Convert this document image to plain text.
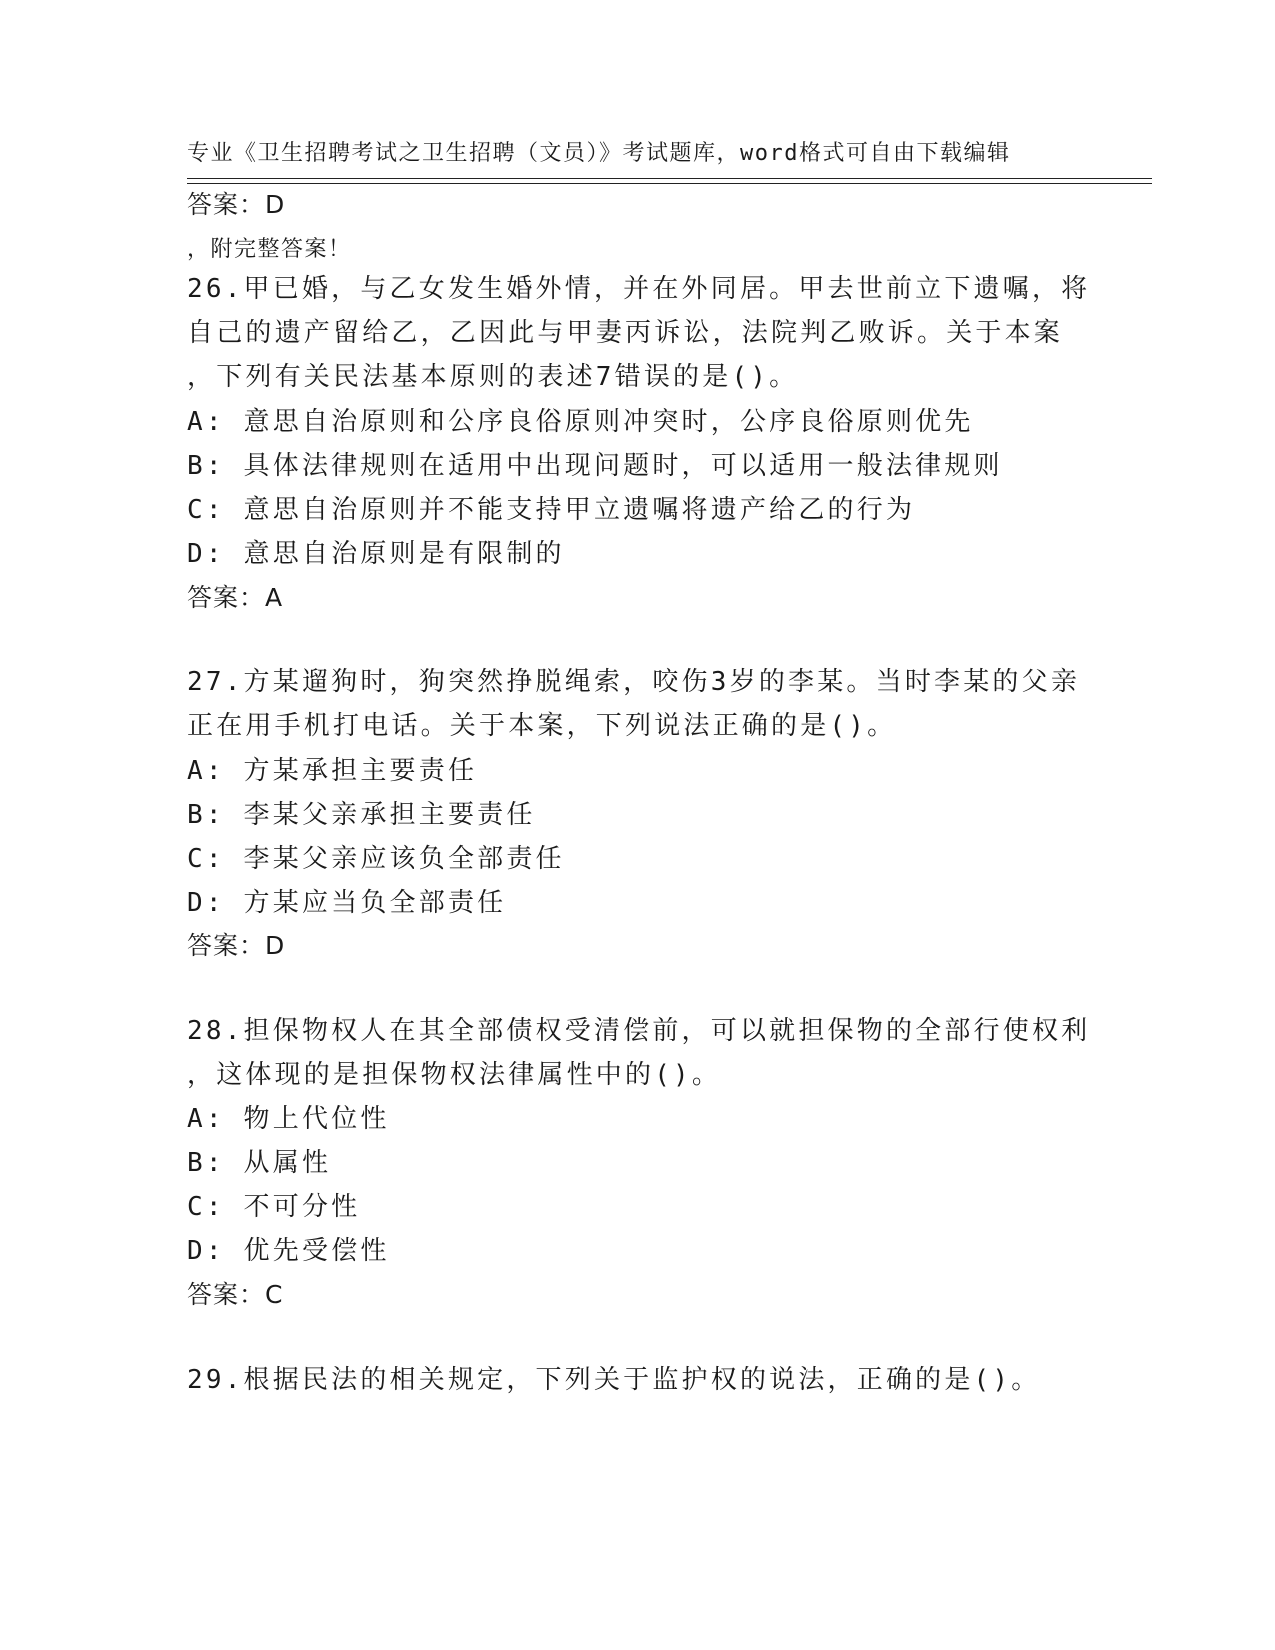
专业《卫生招聘考试之卫生招聘（文员）》考试题库，word格式可自由下载编辑

，附完整答案！

答案：D
26.甲已婚，与乙女发生婚外情，并在外同居。甲去世前立下遗嘱，将
自己的遗产留给乙，乙因此与甲妻丙诉讼，法院判乙败诉。关于本案
，下列有关民法基本原则的表述7错误的是()。
A: 意思自治原则和公序良俗原则冲突时，公序良俗原则优先
B: 具体法律规则在适用中出现问题时，可以适用一般法律规则
C: 意思自治原则并不能支持甲立遗嘱将遗产给乙的行为
D: 意思自治原则是有限制的
答案：A
27.方某遛狗时，狗突然挣脱绳索，咬伤3岁的李某。当时李某的父亲
正在用手机打电话。关于本案，下列说法正确的是()。
A: 方某承担主要责任
B: 李某父亲承担主要责任
C: 李某父亲应该负全部责任
D: 方某应当负全部责任
答案：D
28.担保物权人在其全部债权受清偿前，可以就担保物的全部行使权利
，这体现的是担保物权法律属性中的()。
A: 物上代位性
B: 从属性
C: 不可分性
D: 优先受偿性
答案：C
29.根据民法的相关规定，下列关于监护权的说法，正确的是()。
